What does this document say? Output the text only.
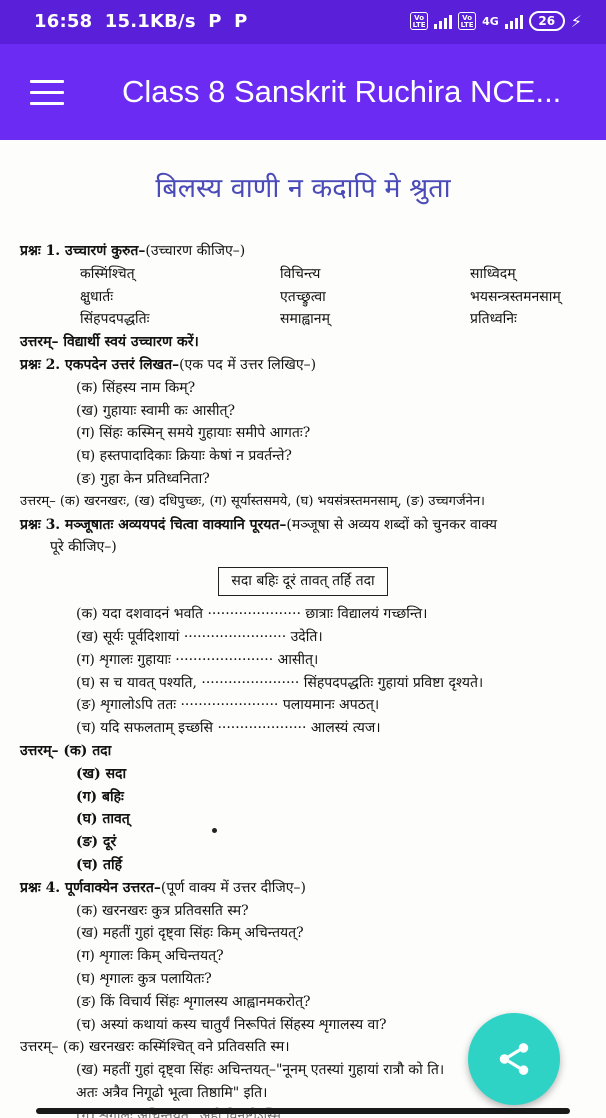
16:58 15.1KB/s P P	Vo LTE
Vo LTE 4G	26 ⚡
Class 8 Sanskrit Ruchira NCE...
बिलस्य वाणी न कदापि मे श्रुता
प्रश्नः 1. उच्चारणं कुरुत–(उच्चारण कीजिए–)
कस्मिंश्चित्	विचिन्त्य	साध्विदम्
क्षुधार्तः	एतच्छ्रुत्वा	भयसन्त्रस्तमनसाम्
सिंहपदपद्धतिः	समाह्वानम्	प्रतिध्वनिः
उत्तरम्– विद्यार्थी स्वयं उच्चारण करें।
प्रश्नः 2. एकपदेन उत्तरं लिखत–(एक पद में उत्तर लिखिए–)
(क) सिंहस्य नाम किम्?
(ख) गुहायाः स्वामी कः आसीत्?
(ग) सिंहः कस्मिन् समये गुहायाः समीपे आगतः?
(घ) हस्तपादादिकाः क्रियाः केषां न प्रवर्तन्ते?
(ङ) गुहा केन प्रतिध्वनिता?
उत्तरम्– (क) खरनखरः, (ख) दधिपुच्छः, (ग) सूर्यास्तसमये, (घ) भयसंत्रस्तमनसाम्, (ङ) उच्चगर्जनेन।
प्रश्नः 3. मञ्जूषातः अव्ययपदं चित्वा वाक्यानि पूरयत–(मञ्जूषा से अव्यय शब्दों को चुनकर वाक्य
पूरे कीजिए–)
सदा बहिः दूरं तावत् तर्हि तदा
(क) यदा दशवादनं भवति ····················· छात्राः विद्यालयं गच्छन्ति।
(ख) सूर्यः पूर्वदिशायां ······················· उदेति।
(ग) शृगालः गुहायाः ······················ आसीत्।
(घ) स च यावत् पश्यति, ······················ सिंहपदपद्धतिः गुहायां प्रविष्टा दृश्यते।
(ङ) शृगालोऽपि ततः ······················ पलायमानः अपठत्।
(च) यदि सफलताम् इच्छसि ···················· आलस्यं त्यज।
उत्तरम्– (क) तदा
(ख) सदा
(ग) बहिः
(घ) तावत्
(ङ) दूरं
(च) तर्हि
प्रश्नः 4. पूर्णवाक्येन उत्तरत–(पूर्ण वाक्य में उत्तर दीजिए–)
(क) खरनखरः कुत्र प्रतिवसति स्म?
(ख) महतीं गुहां दृष्ट्वा सिंहः किम् अचिन्तयत्?
(ग) शृगालः किम् अचिन्तयत्?
(घ) शृगालः कुत्र पलायितः?
(ङ) किं विचार्य सिंहः शृगालस्य आह्वानमकरोत्?
(च) अस्यां कथायां कस्य चातुर्यं निरूपितं सिंहस्य शृगालस्य वा?
उत्तरम्– (क) खरनखरः कस्मिंश्चित् वने प्रतिवसति स्म।
(ख) महतीं गुहां दृष्ट्वा सिंहः अचिन्तयत्–"नूनम् एतस्यां गुहायां रात्रौ को ति।
अतः अत्रैव निगूढो भूत्वा तिष्ठामि" इति।
